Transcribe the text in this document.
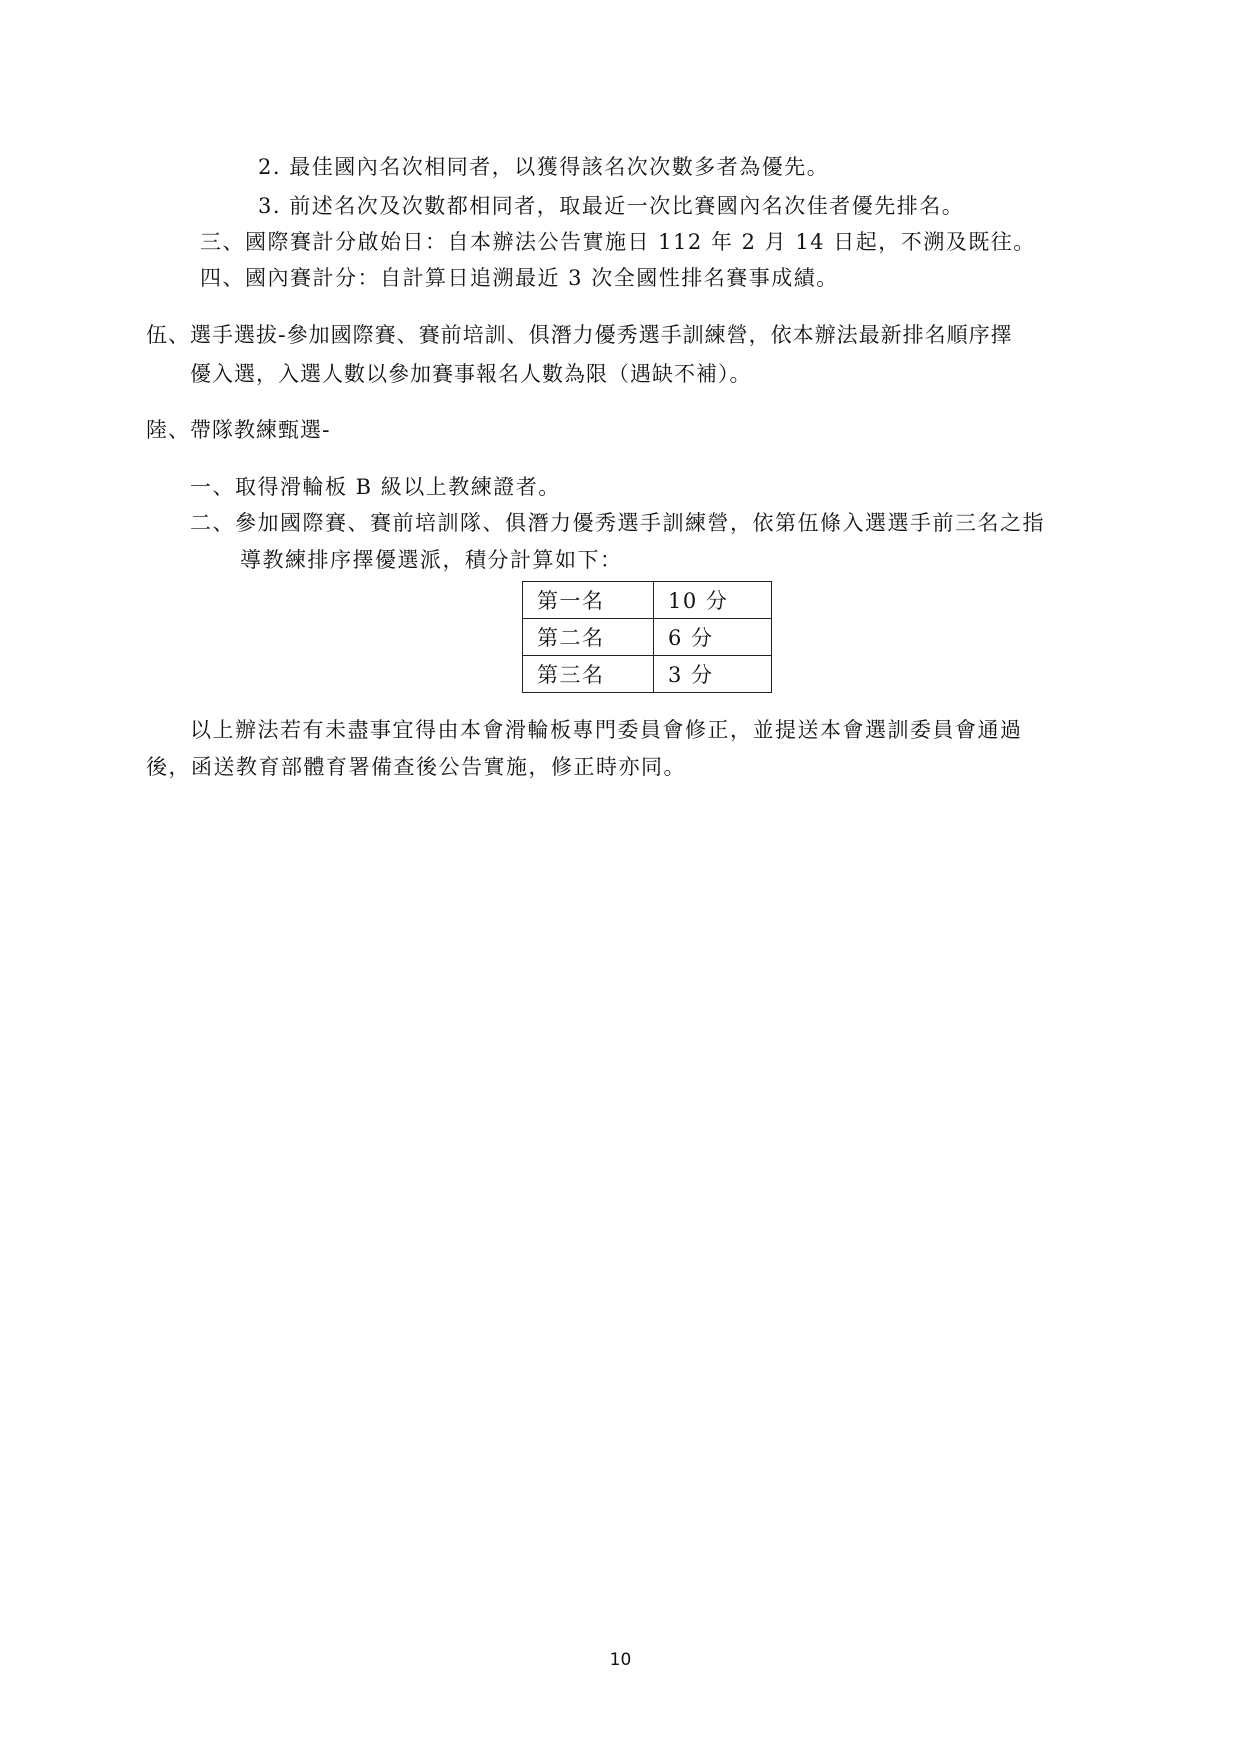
2. 最佳國內名次相同者，以獲得該名次次數多者為優先。
3. 前述名次及次數都相同者，取最近一次比賽國內名次佳者優先排名。
三、國際賽計分啟始日：自本辦法公告實施日 112 年 2 月 14 日起，不溯及既往。
四、國內賽計分：自計算日追溯最近 3 次全國性排名賽事成績。
伍、選手選拔-參加國際賽、賽前培訓、俱潛力優秀選手訓練營，依本辦法最新排名順序擇
優入選，入選人數以參加賽事報名人數為限（遇缺不補）。
陸、帶隊教練甄選-
一、取得滑輪板 B 級以上教練證者。
二、參加國際賽、賽前培訓隊、俱潛力優秀選手訓練營，依第伍條入選選手前三名之指
導教練排序擇優選派，積分計算如下：
第一名	10 分
第二名	6 分
第三名	3 分
以上辦法若有未盡事宜得由本會滑輪板專門委員會修正，並提送本會選訓委員會通過
後，函送教育部體育署備查後公告實施，修正時亦同。
10
